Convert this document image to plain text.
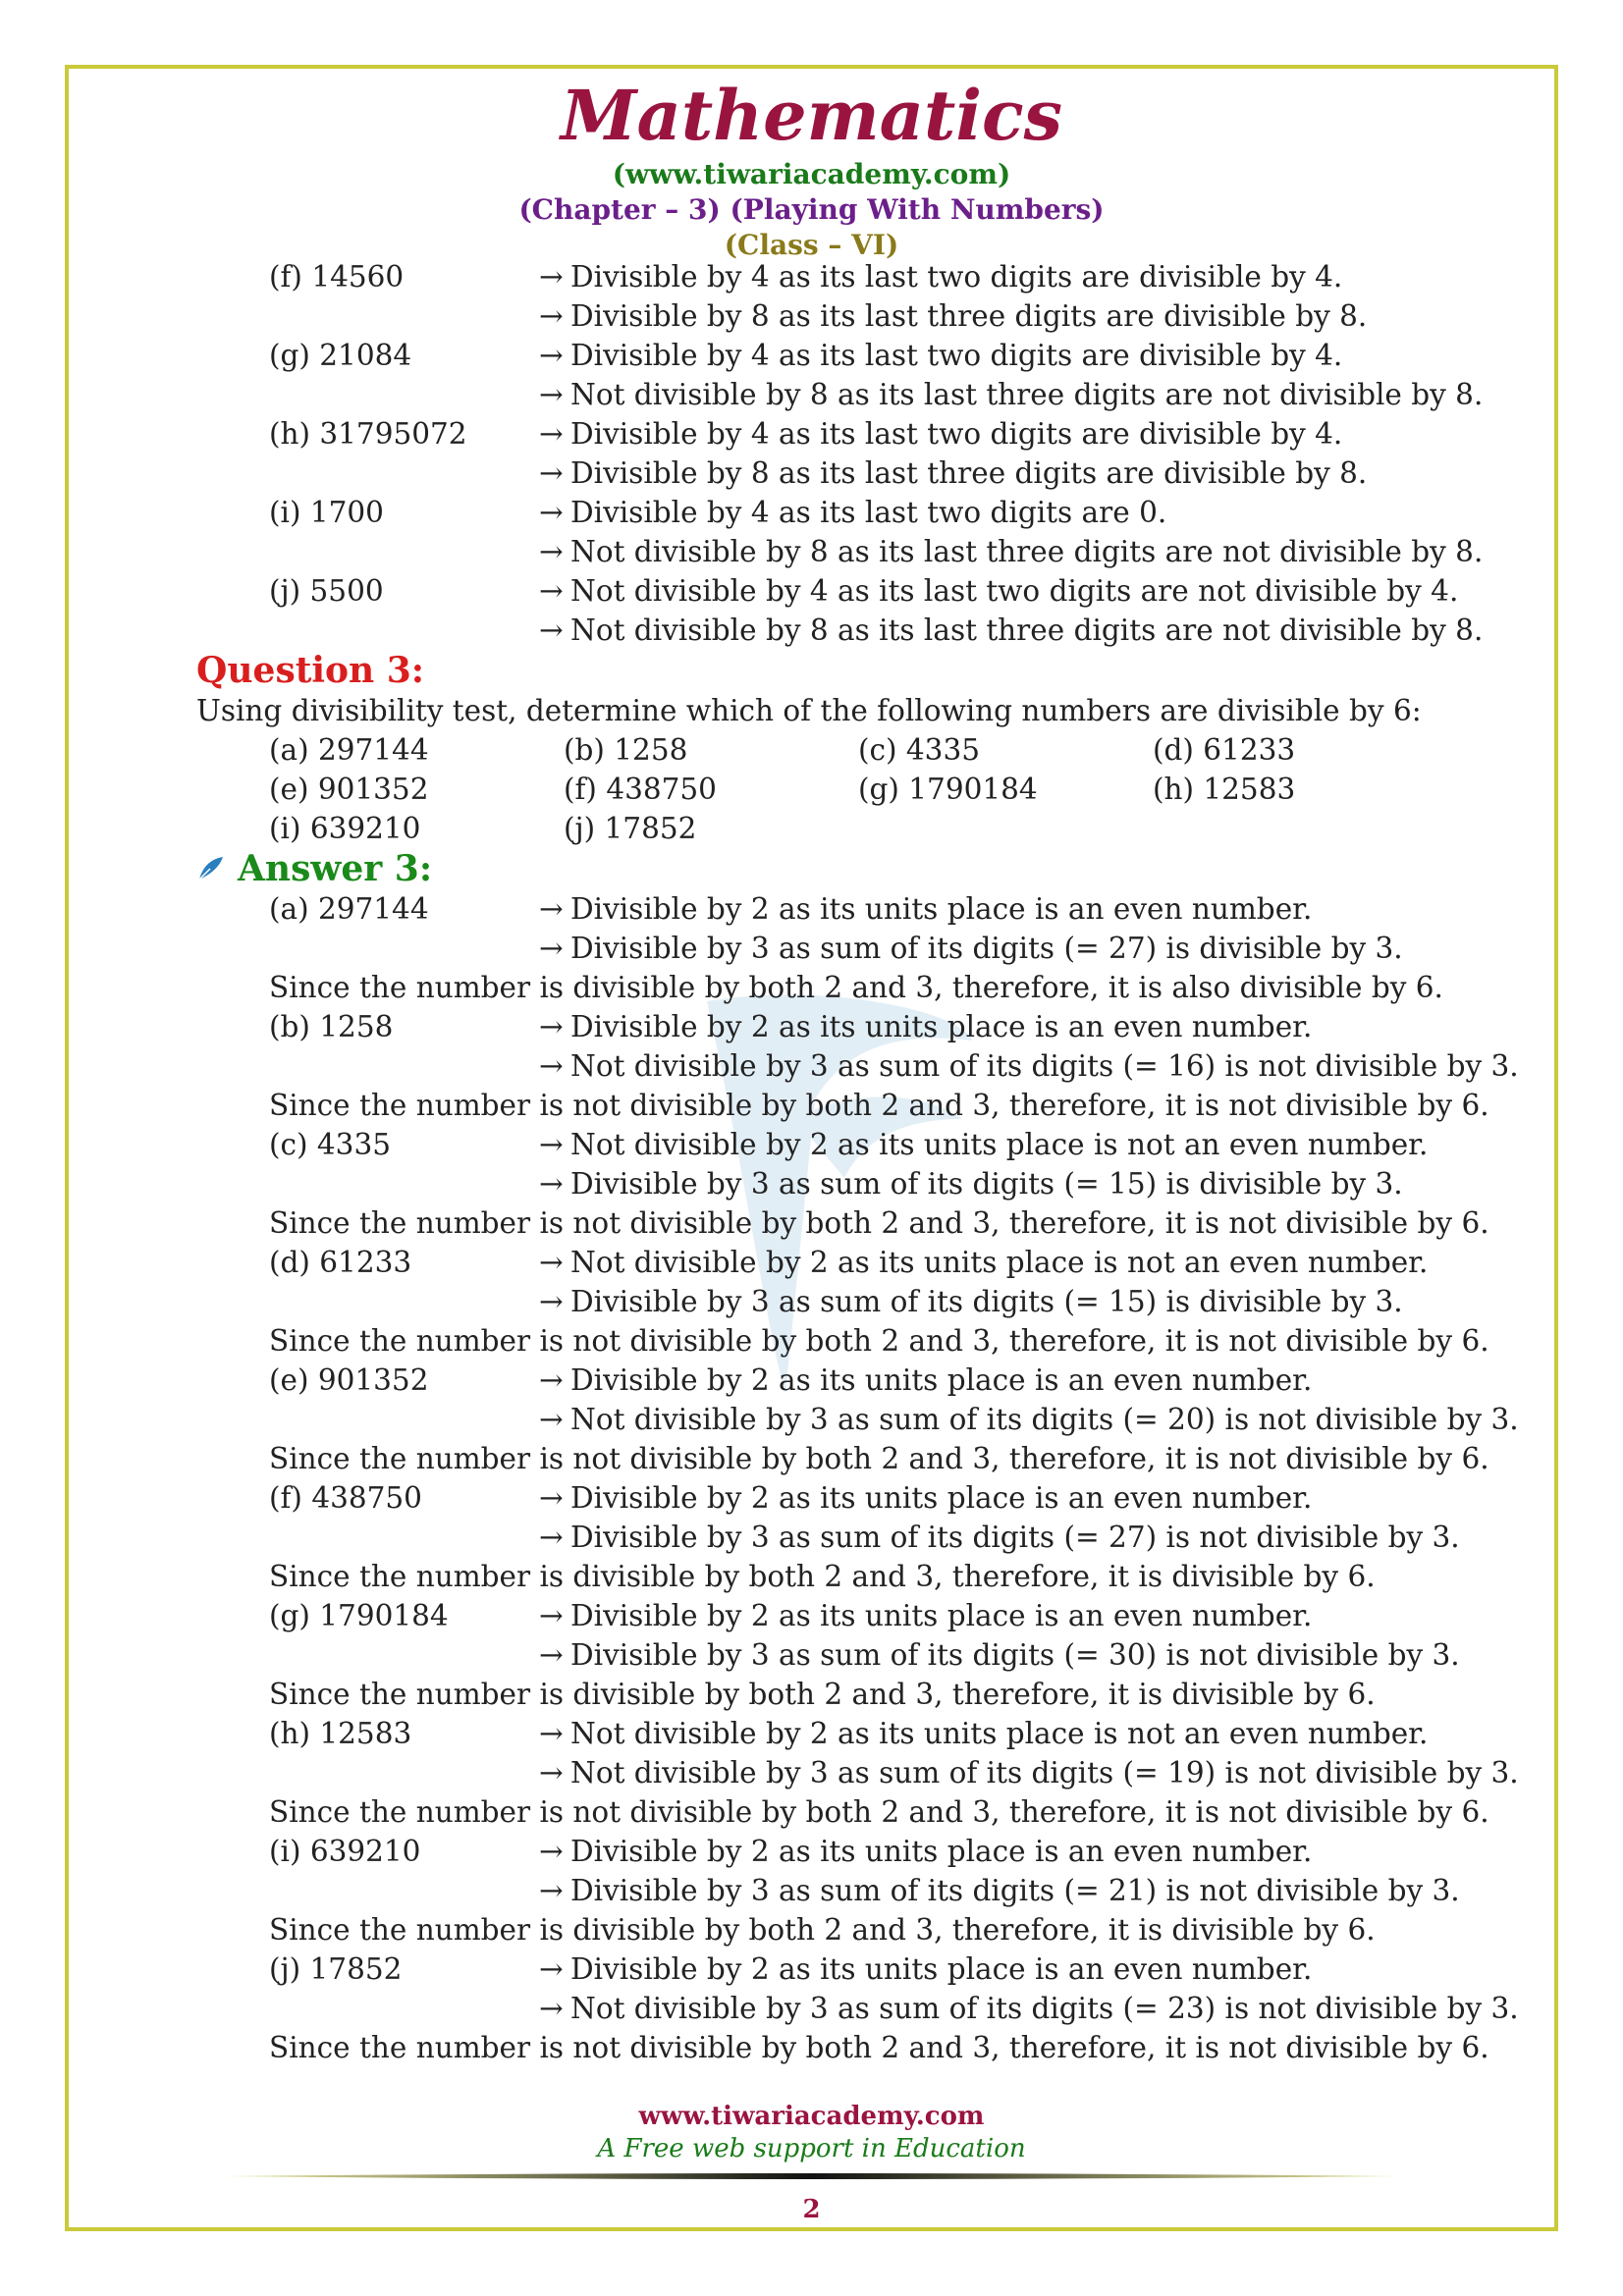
Mathematics
(www.tiwariacademy.com)
(Chapter – 3) (Playing With Numbers)
(Class – VI)
(f) 14560	→ Divisible by 4 as its last two digits are divisible by 4.
→ Divisible by 8 as its last three digits are divisible by 8.
(g) 21084	→ Divisible by 4 as its last two digits are divisible by 4.
→ Not divisible by 8 as its last three digits are not divisible by 8.
(h) 31795072	→ Divisible by 4 as its last two digits are divisible by 4.
→ Divisible by 8 as its last three digits are divisible by 8.
(i) 1700	→ Divisible by 4 as its last two digits are 0.
→ Not divisible by 8 as its last three digits are not divisible by 8.
(j) 5500	→ Not divisible by 4 as its last two digits are not divisible by 4.
→ Not divisible by 8 as its last three digits are not divisible by 8.
Question 3:
Using divisibility test, determine which of the following numbers are divisible by 6:
(a) 297144	(b) 1258	(c) 4335	(d) 61233
(e) 901352	(f) 438750	(g) 1790184	(h) 12583
(i) 639210	(j) 17852
Answer 3:
(a) 297144	→ Divisible by 2 as its units place is an even number.
→ Divisible by 3 as sum of its digits (= 27) is divisible by 3.
Since the number is divisible by both 2 and 3, therefore, it is also divisible by 6.
(b) 1258	→ Divisible by 2 as its units place is an even number.
→ Not divisible by 3 as sum of its digits (= 16) is not divisible by 3.
Since the number is not divisible by both 2 and 3, therefore, it is not divisible by 6.
(c) 4335	→ Not divisible by 2 as its units place is not an even number.
→ Divisible by 3 as sum of its digits (= 15) is divisible by 3.
Since the number is not divisible by both 2 and 3, therefore, it is not divisible by 6.
(d) 61233	→ Not divisible by 2 as its units place is not an even number.
→ Divisible by 3 as sum of its digits (= 15) is divisible by 3.
Since the number is not divisible by both 2 and 3, therefore, it is not divisible by 6.
(e) 901352	→ Divisible by 2 as its units place is an even number.
→ Not divisible by 3 as sum of its digits (= 20) is not divisible by 3.
Since the number is not divisible by both 2 and 3, therefore, it is not divisible by 6.
(f) 438750	→ Divisible by 2 as its units place is an even number.
→ Divisible by 3 as sum of its digits (= 27) is not divisible by 3.
Since the number is divisible by both 2 and 3, therefore, it is divisible by 6.
(g) 1790184	→ Divisible by 2 as its units place is an even number.
→ Divisible by 3 as sum of its digits (= 30) is not divisible by 3.
Since the number is divisible by both 2 and 3, therefore, it is divisible by 6.
(h) 12583	→ Not divisible by 2 as its units place is not an even number.
→ Not divisible by 3 as sum of its digits (= 19) is not divisible by 3.
Since the number is not divisible by both 2 and 3, therefore, it is not divisible by 6.
(i) 639210	→ Divisible by 2 as its units place is an even number.
→ Divisible by 3 as sum of its digits (= 21) is not divisible by 3.
Since the number is divisible by both 2 and 3, therefore, it is divisible by 6.
(j) 17852	→ Divisible by 2 as its units place is an even number.
→ Not divisible by 3 as sum of its digits (= 23) is not divisible by 3.
Since the number is not divisible by both 2 and 3, therefore, it is not divisible by 6.
www.tiwariacademy.com
A Free web support in Education
2
